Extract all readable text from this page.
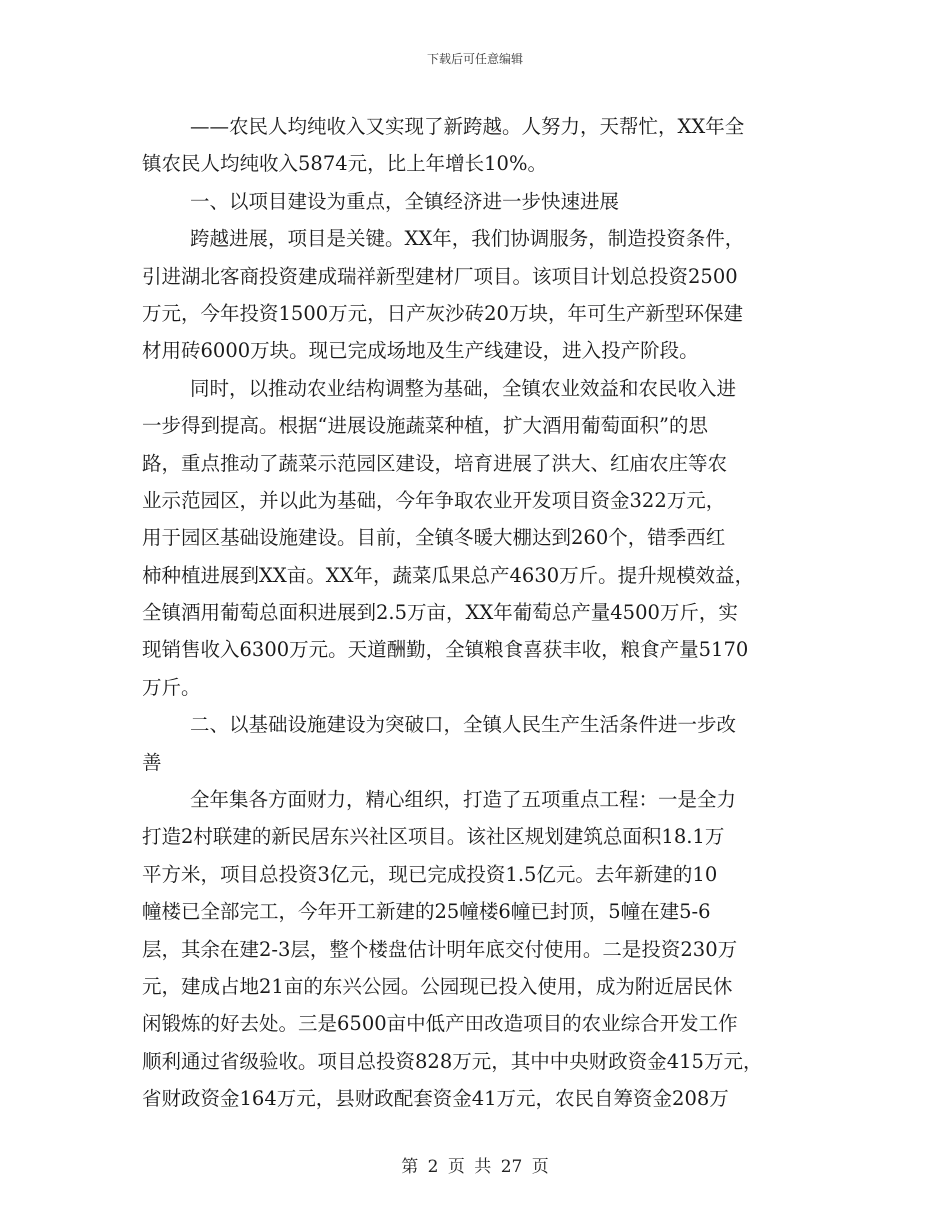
下载后可任意编辑
——农民人均纯收入又实现了新跨越。人努力，天帮忙，XX年全
镇农民人均纯收入5874元，比上年增长10%。
一、以项目建设为重点，全镇经济进一步快速进展
跨越进展，项目是关键。XX年，我们协调服务，制造投资条件，
引进湖北客商投资建成瑞祥新型建材厂项目。该项目计划总投资2500
万元，今年投资1500万元，日产灰沙砖20万块，年可生产新型环保建
材用砖6000万块。现已完成场地及生产线建设，进入投产阶段。
同时，以推动农业结构调整为基础，全镇农业效益和农民收入进
一步得到提高。根据“进展设施蔬菜种植，扩大酒用葡萄面积”的思
路，重点推动了蔬菜示范园区建设，培育进展了洪大、红庙农庄等农
业示范园区，并以此为基础，今年争取农业开发项目资金322万元，
用于园区基础设施建设。目前，全镇冬暖大棚达到260个，错季西红
柿种植进展到XX亩。XX年，蔬菜瓜果总产4630万斤。提升规模效益，
全镇酒用葡萄总面积进展到2.5万亩，XX年葡萄总产量4500万斤，实
现销售收入6300万元。天道酬勤，全镇粮食喜获丰收，粮食产量5170
万斤。
二、以基础设施建设为突破口，全镇人民生产生活条件进一步改
善
全年集各方面财力，精心组织，打造了五项重点工程：一是全力
打造2村联建的新民居东兴社区项目。该社区规划建筑总面积18.1万
平方米，项目总投资3亿元，现已完成投资1.5亿元。去年新建的10
幢楼已全部完工，今年开工新建的25幢楼6幢已封顶，5幢在建5-6
层，其余在建2-3层，整个楼盘估计明年底交付使用。二是投资230万
元，建成占地21亩的东兴公园。公园现已投入使用，成为附近居民休
闲锻炼的好去处。三是6500亩中低产田改造项目的农业综合开发工作
顺利通过省级验收。项目总投资828万元，其中中央财政资金415万元，
省财政资金164万元，县财政配套资金41万元，农民自筹资金208万
第 2 页 共 27 页
